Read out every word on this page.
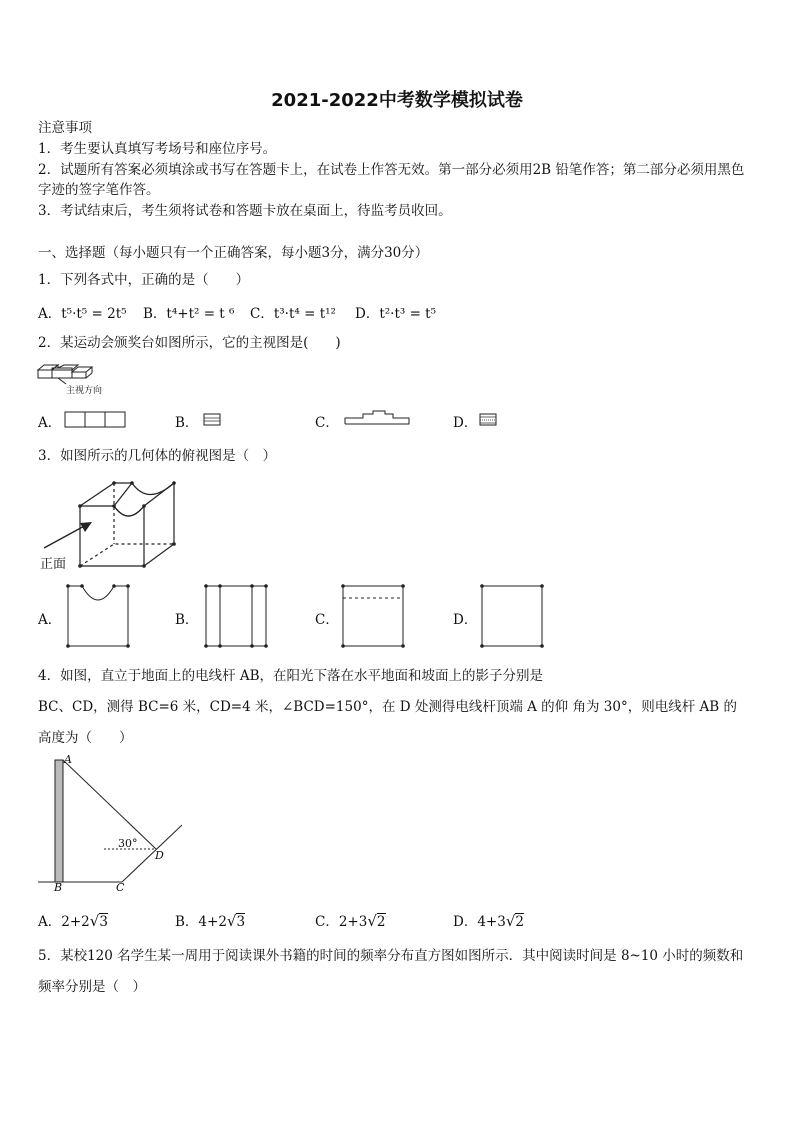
2021-2022中考数学模拟试卷
注意事项
1．考生要认真填写考场号和座位序号。
2．试题所有答案必须填涂或书写在答题卡上，在试卷上作答无效。第一部分必须用2B 铅笔作答；第二部分必须用黑色字迹的签字笔作答。
3．考试结束后，考生须将试卷和答题卡放在桌面上，待监考员收回。
一、选择题（每小题只有一个正确答案，每小题3分，满分30分）
1．下列各式中，正确的是（　　）
A．t⁵·t⁵ = 2t⁵ B．t⁴+t² = t ⁶ C．t³·t⁴ = t¹² D．t²·t³ = t⁵
2．某运动会颁奖台如图所示，它的主视图是(　　)
主视方向
A．	B．	C．	D．
3．如图所示的几何体的俯视图是（　）
正面
A．	B．	C．	D．
4．如图，直立于地面上的电线杆 AB，在阳光下落在水平地面和坡面上的影子分别是
BC、CD，测得 BC=6 米，CD=4 米，∠BCD=150°，在 D 处测得电线杆顶端 A 的仰 角为 30°，则电线杆 AB 的
高度为（　　）
A
B	C
D
30°
A．2+2√3	B．4+2√3	C．2+3√2	D．4+3√2
5．某校120 名学生某一周用于阅读课外书籍的时间的频率分布直方图如图所示．其中阅读时间是 8~10 小时的频数和
频率分别是（　）
